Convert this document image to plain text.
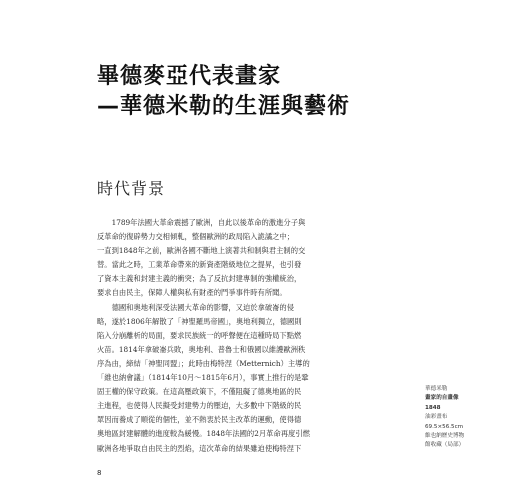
畢德麥亞代表畫家
—華德米勒的生涯與藝術
時代背景

　　1789年法國大革命震撼了歐洲，自此以後革命的激進分子與

反革命的復辟勢力交相傾軋，整個歐洲的政局陷入詭譎之中；

一直到1848年之前，歐洲各國不斷地上演著共和制與君主制的交

替。當此之時，工業革命帶來的新資產階級地位之提昇，也引發

了資本主義和封建主義的衝突；為了反抗封建專制的強權統治，

要求自由民主，保障人權與私有財產的鬥爭事件時有所聞。

　　德國和奧地利深受法國大革命的影響，又迫於拿破崙的侵

略，遂於1806年解散了「神聖羅馬帝國」，奧地利獨立，德國則

陷入分崩離析的局面，要求民族統一的呼聲便在這種時局下點燃

火苗。1814年拿破崙兵敗，奧地利、普魯士和俄國以維護歐洲秩

序為由，締結「神聖同盟」；此時由梅特涅（Metternich）主導的

「維也納會議」（1814年10月～1815年6月），事實上推行的是鞏

固王權的保守政策。在這高壓政策下，不僅阻礙了德奧地區的民

主進程，也使得人民擬受封建勢力的壓迫，大多數中下階級的民

眾因而養成了順從的個性，並不熱衷於民主改革的運動，使得德

奧地區封建解體的進度較為緩慢。1848年法國的2月革命再度引燃

歐洲各地爭取自由民主的烈焰，這次革命的結果雖迫使梅特涅下

華德米勒
畫家的自畫像
1848
油彩畫布
69.5×56.5cm
維也納歷史博物
館收藏（局部）
8
